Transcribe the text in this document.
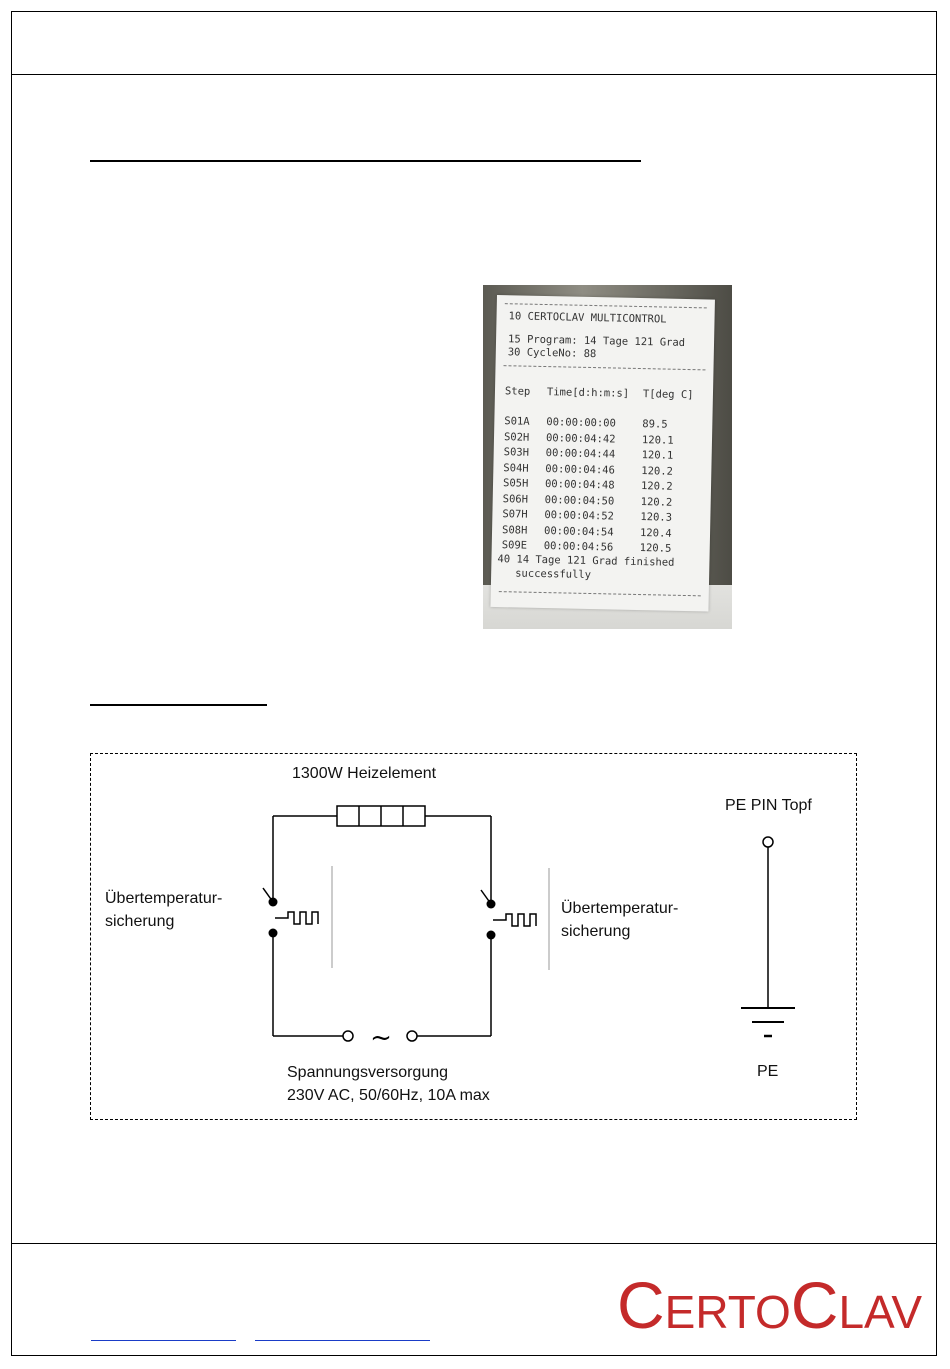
10 CERTOCLAV MULTICONTROL
15 Program: 14 Tage 121 Grad
30 CycleNo: 88
Step Time[d:h:m:s] T[deg C]
S01A 00:00:00:00 89.5
S02H 00:00:04:42 120.1
S03H 00:00:04:44 120.1
S04H 00:00:04:46 120.2
S05H 00:00:04:48 120.2
S06H 00:00:04:50 120.2
S07H 00:00:04:52 120.3
S08H 00:00:04:54 120.4
S09E 00:00:04:56 120.5
40 14 Tage 121 Grad finished
successfully
~
1300W Heizelement
PE PIN Topf
Übertemperatur-
sicherung
Übertemperatur-
sicherung
Spannungsversorgung
230V AC, 50/60Hz, 10A max
PE
CERTOCLAV
